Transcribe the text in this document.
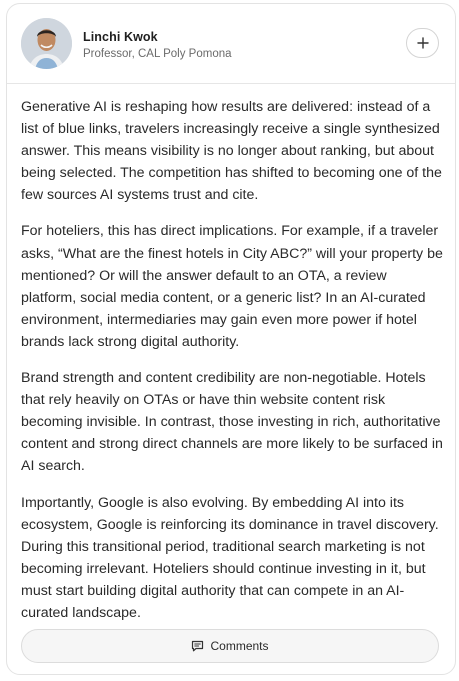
Linchi Kwok
Professor, CAL Poly Pomona

Generative AI is reshaping how results are delivered: instead of a list of blue links, travelers increasingly receive a single synthesized answer. This means visibility is no longer about ranking, but about being selected. The competition has shifted to becoming one of the few sources AI systems trust and cite.

For hoteliers, this has direct implications. For example, if a traveler asks, “What are the finest hotels in City ABC?” will your property be mentioned? Or will the answer default to an OTA, a review platform, social media content, or a generic list? In an AI-curated environment, intermediaries may gain even more power if hotel brands lack strong digital authority.

Brand strength and content credibility are non-negotiable. Hotels that rely heavily on OTAs or have thin website content risk becoming invisible. In contrast, those investing in rich, authoritative content and strong direct channels are more likely to be surfaced in AI search.

Importantly, Google is also evolving. By embedding AI into its ecosystem, Google is reinforcing its dominance in travel discovery. During this transitional period, traditional search marketing is not becoming irrelevant. Hoteliers should continue investing in it, but must start building digital authority that can compete in an AI-curated landscape.

Comments
